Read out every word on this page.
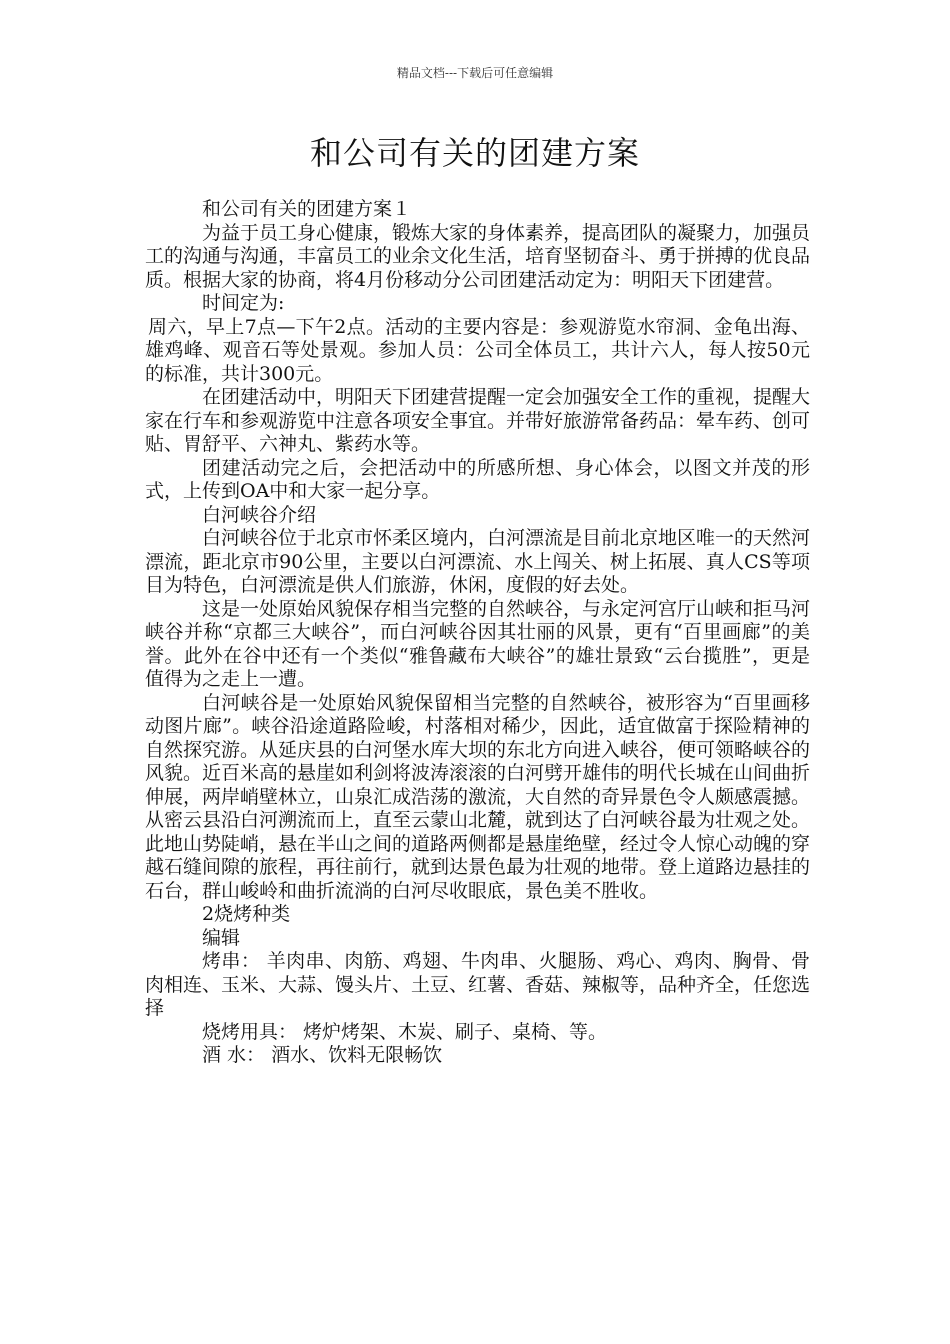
精品文档---下载后可任意编辑
和公司有关的团建方案

和公司有关的团建方案１

为益于员工身心健康，锻炼大家的身体素养，提高团队的凝聚力，加强员工的沟通与沟通，丰富员工的业余文化生活，培育坚韧奋斗、勇于拼搏的优良品质。根据大家的协商，将4月份移动分公司团建活动定为：明阳天下团建营。

时间定为:

周六，早上7点—下午2点。活动的主要内容是：参观游览水帘洞、金龟出海、雄鸡峰、观音石等处景观。参加人员：公司全体员工，共计六人，每人按50元的标准，共计300元。

在团建活动中，明阳天下团建营提醒一定会加强安全工作的重视，提醒大家在行车和参观游览中注意各项安全事宜。并带好旅游常备药品：晕车药、创可贴、胃舒平、六神丸、紫药水等。

团建活动完之后，会把活动中的所感所想、身心体会，以图文并茂的形式，上传到OA中和大家一起分享。

白河峡谷介绍

白河峡谷位于北京市怀柔区境内，白河漂流是目前北京地区唯一的天然河漂流，距北京市90公里，主要以白河漂流、水上闯关、树上拓展、真人CS等项目为特色，白河漂流是供人们旅游，休闲，度假的好去处。

这是一处原始风貌保存相当完整的自然峡谷，与永定河宫厅山峡和拒马河峡谷并称“京都三大峡谷”，而白河峡谷因其壮丽的风景，更有“百里画廊”的美誉。此外在谷中还有一个类似“雅鲁藏布大峡谷”的雄壮景致“云台揽胜”，更是值得为之走上一遭。

白河峡谷是一处原始风貌保留相当完整的自然峡谷，被形容为“百里画移动图片廊”。峡谷沿途道路险峻，村落相对稀少，因此，适宜做富于探险精神的自然探究游。从延庆县的白河堡水库大坝的东北方向进入峡谷，便可领略峡谷的风貌。近百米高的悬崖如利剑将波涛滚滚的白河劈开雄伟的明代长城在山间曲折伸展，两岸峭壁林立，山泉汇成浩荡的激流，大自然的奇异景色令人颇感震撼。从密云县沿白河溯流而上，直至云蒙山北麓，就到达了白河峡谷最为壮观之处。此地山势陡峭，悬在半山之间的道路两侧都是悬崖绝壁，经过令人惊心动魄的穿越石缝间隙的旅程，再往前行，就到达景色最为壮观的地带。登上道路边悬挂的石台，群山峻岭和曲折流淌的白河尽收眼底，景色美不胜收。

2烧烤种类

编辑

烤串： 羊肉串、肉筋、鸡翅、牛肉串、火腿肠、鸡心、鸡肉、胸骨、骨肉相连、玉米、大蒜、馒头片、土豆、红薯、香菇、辣椒等，品种齐全，任您选择

烧烤用具： 烤炉烤架、木炭、刷子、桌椅、等。

酒 水： 酒水、饮料无限畅饮
